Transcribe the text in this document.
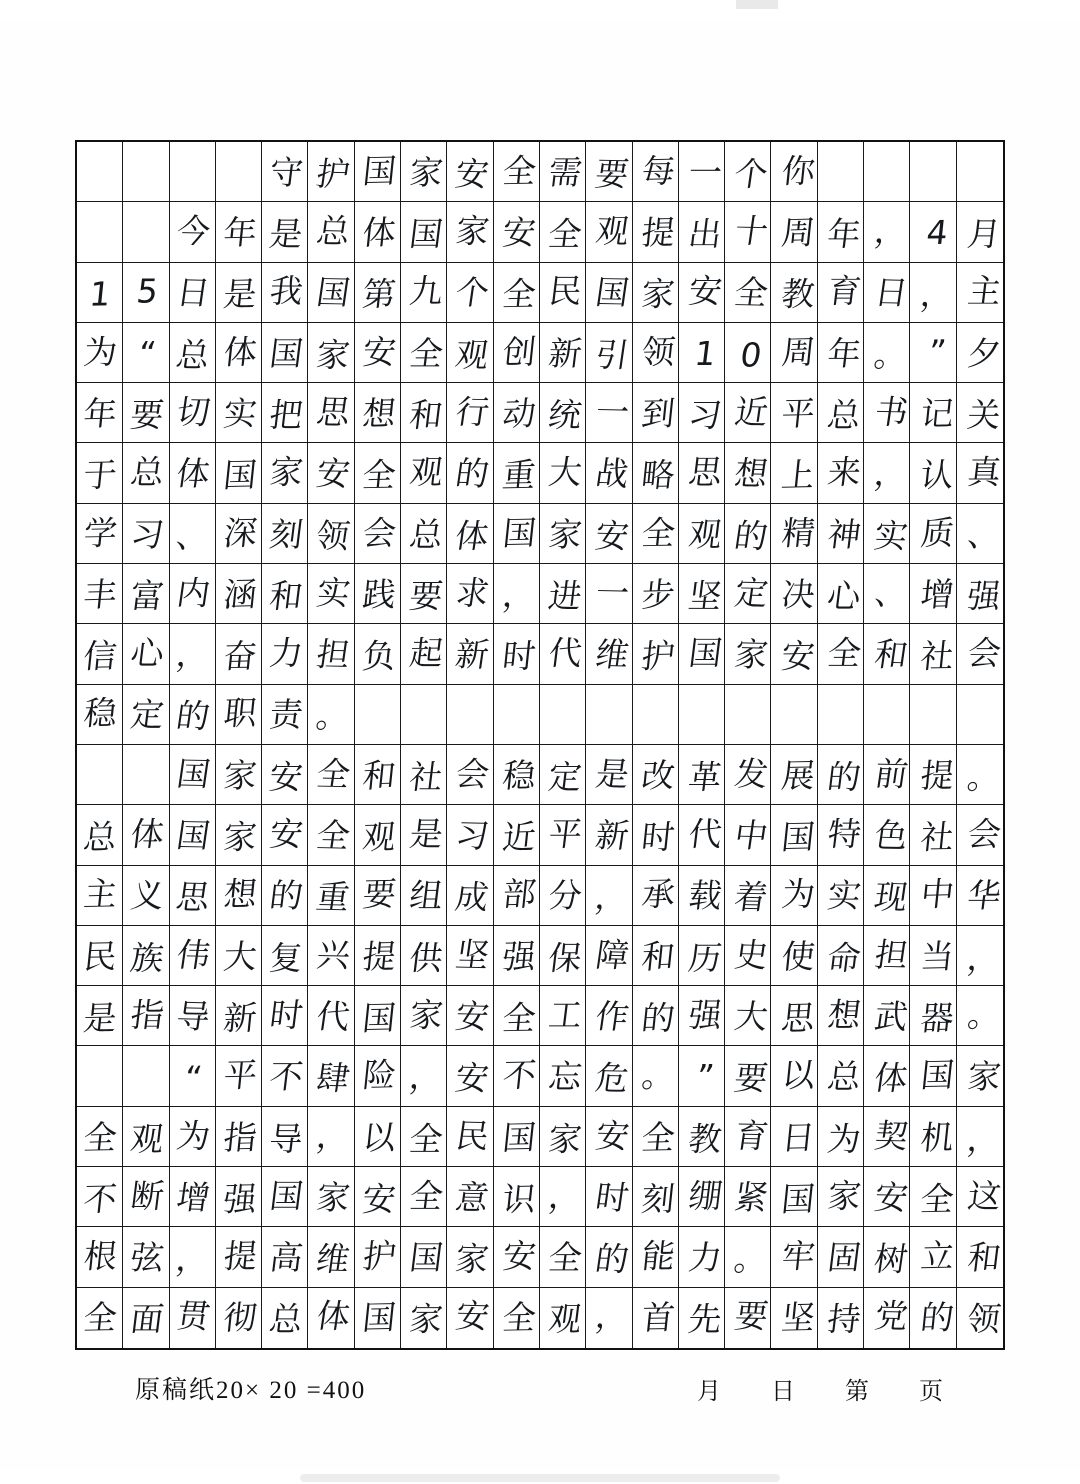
守 护 国 家 安 全 需 要 每 一 个 你
今 年 是 总 体 国 家 安 全 观 提 出 十 周 年 ， 4 月
1 5 日 是 我 国 第 九 个 全 民 国 家 安 全 教 育 日 ， 主
为 “ 总 体 国 家 安 全 观 创 新 引 领 1 0 周 年 。 ” 夕
年 要 切 实 把 思 想 和 行 动 统 一 到 习 近 平 总 书 记 关
于 总 体 国 家 安 全 观 的 重 大 战 略 思 想 上 来 ， 认 真
学 习 、 深 刻 领 会 总 体 国 家 安 全 观 的 精 神 实 质 、
丰 富 内 涵 和 实 践 要 求 ， 进 一 步 坚 定 决 心 、 增 强
信 心 ， 奋 力 担 负 起 新 时 代 维 护 国 家 安 全 和 社 会
稳 定 的 职 责 。
国 家 安 全 和 社 会 稳 定 是 改 革 发 展 的 前 提 。
总 体 国 家 安 全 观 是 习 近 平 新 时 代 中 国 特 色 社 会
主 义 思 想 的 重 要 组 成 部 分 ， 承 载 着 为 实 现 中 华
民 族 伟 大 复 兴 提 供 坚 强 保 障 和 历 史 使 命 担 当 ，
是 指 导 新 时 代 国 家 安 全 工 作 的 强 大 思 想 武 器 。
“ 平 不 肆 险 ， 安 不 忘 危 。 ” 要 以 总 体 国 家
全 观 为 指 导 ， 以 全 民 国 家 安 全 教 育 日 为 契 机 ，
不 断 增 强 国 家 安 全 意 识 ， 时 刻 绷 紧 国 家 安 全 这
根 弦 ， 提 高 维 护 国 家 安 全 的 能 力 。 牢 固 树 立 和
全 面 贯 彻 总 体 国 家 安 全 观 ， 首 先 要 坚 持 党 的 领
原稿纸20× 20 =400	月 日 第 页
